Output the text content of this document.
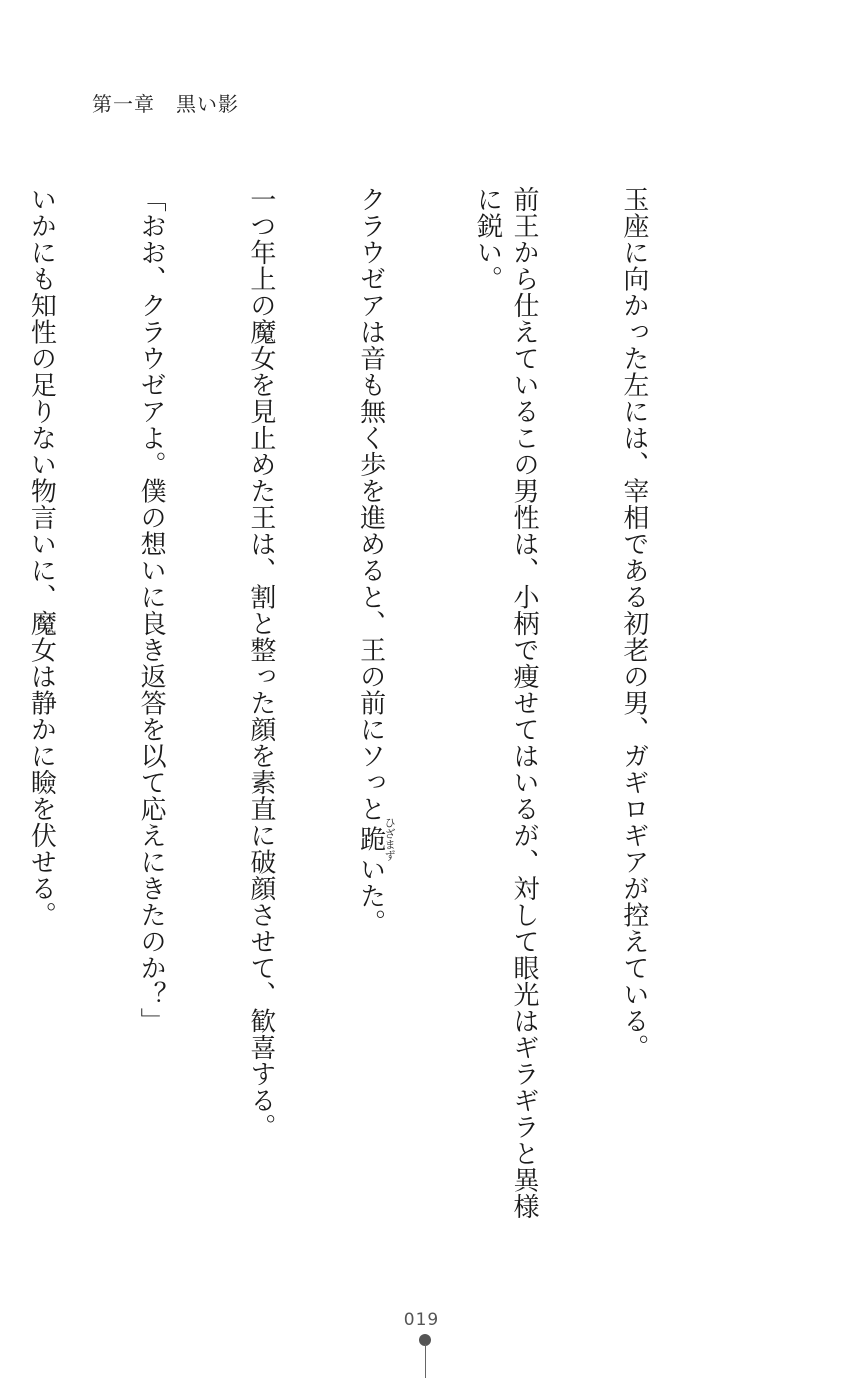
第一章　黒い影

玉座に向かった左には、宰相である初老の男、ガギロギアが控えている。

前王から仕えているこの男性は、小柄で痩せてはいるが、対して眼光はギラギラと異様
に鋭い。

クラウゼアは音も無く歩を進めると、王の前にソっと跪ひざまずいた。

一つ年上の魔女を見止めた王は、割と整った顔を素直に破顔させて、歓喜する。

「おお、クラウゼアよ。僕の想いに良き返答を以て応えにきたのか？」

いかにも知性の足りない物言いに、魔女は静かに瞼を伏せる。

019
